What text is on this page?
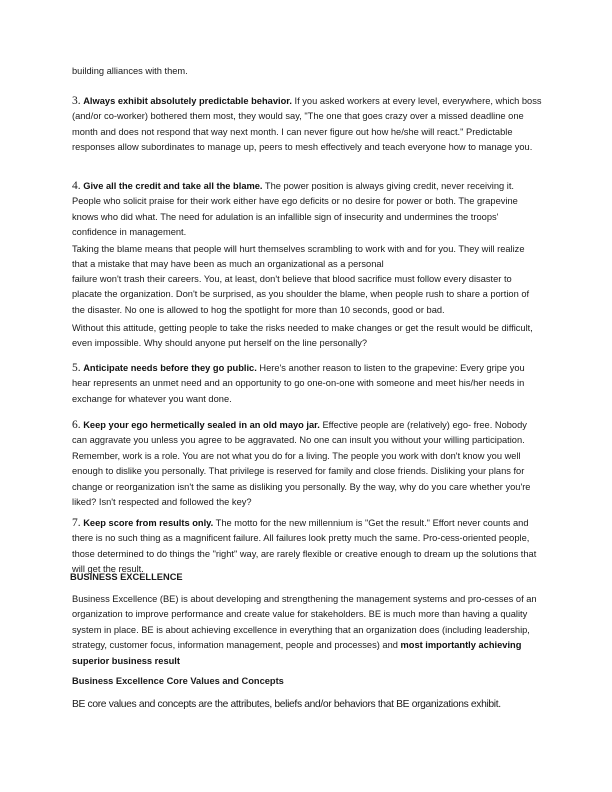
building alliances with them.

3. Always exhibit absolutely predictable behavior. If you asked workers at every level, everywhere, which boss (and/or co-worker) bothered them most, they would say, "The one that goes crazy over a missed deadline one month and does not respond that way next month. I can never figure out how he/she will react." Predictable responses allow subordinates to manage up, peers to mesh effectively and teach everyone how to manage you.

4. Give all the credit and take all the blame. The power position is always giving credit, never receiving it. People who solicit praise for their work either have ego deficits or no desire for power or both. The grapevine knows who did what. The need for adulation is an infallible sign of insecurity and undermines the troops' confidence in management.

Taking the blame means that people will hurt themselves scrambling to work with and for you. They will realize that a mistake that may have been as much an organizational as a personal

failure won't trash their careers. You, at least, don't believe that blood sacrifice must follow every disaster to placate the organization. Don't be surprised, as you shoulder the blame, when people rush to share a portion of the disaster. No one is allowed to hog the spotlight for more than 10 seconds, good or bad.

Without this attitude, getting people to take the risks needed to make changes or get the result would be difficult, even impossible. Why should anyone put herself on the line personally?

5. Anticipate needs before they go public. Here's another reason to listen to the grapevine: Every gripe you hear represents an unmet need and an opportunity to go one-on-one with someone and meet his/her needs in exchange for whatever you want done.

6. Keep your ego hermetically sealed in an old mayo jar. Effective people are (relatively) ego- free. Nobody can aggravate you unless you agree to be aggravated. No one can insult you without your willing participation. Remember, work is a role. You are not what you do for a living. The people you work with don't know you well enough to dislike you personally. That privilege is reserved for family and close friends. Disliking your plans for change or reorganization isn't the same as disliking you personally. By the way, why do you care whether you're liked? Isn't respected and followed the key?

7. Keep score from results only. The motto for the new millennium is "Get the result." Effort never counts and there is no such thing as a magnificent failure. All failures look pretty much the same. Pro-cess-oriented people, those determined to do things the "right" way, are rarely flexible or creative enough to dream up the solutions that will get the result.

BUSINESS EXCELLENCE

Business Excellence (BE) is about developing and strengthening the management systems and pro-cesses of an organization to improve performance and create value for stakeholders. BE is much more than having a quality system in place. BE is about achieving excellence in everything that an organization does (including leadership, strategy, customer focus, information management, people and processes) and most importantly achieving superior business result

Business Excellence Core Values and Concepts

BE core values and concepts are the attributes, beliefs and/or behaviors that BE organizations exhibit.
